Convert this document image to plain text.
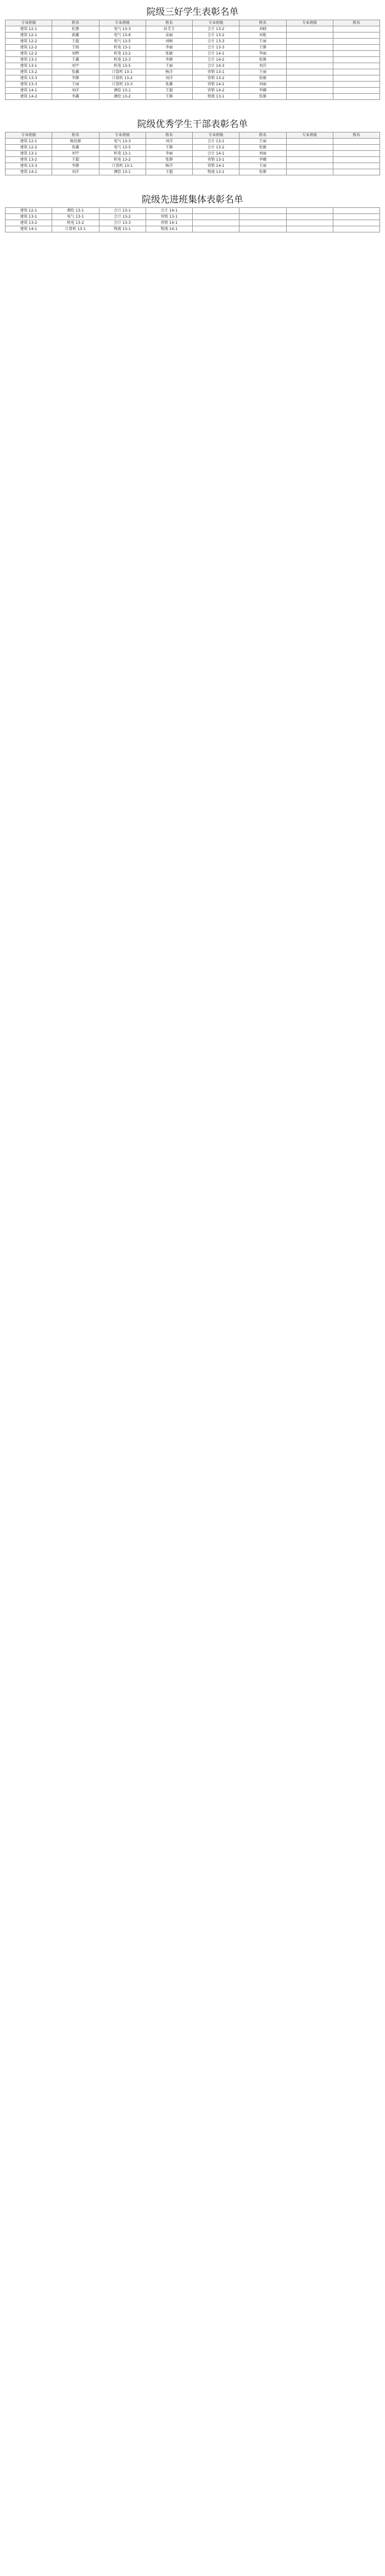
院级三好学生表彰名单
专业班级	姓名	专业班级	姓名	专业班级	姓名	专业班级	姓名
建筑 12-1	杜静	电气 13-3	孙艾玉	会计 13-2	刘晓		
建筑 12-1	郭鑫	电气 13-6	姜丽	会计 13-2	刘艳		
建筑 12-2	王超	电气 13-5	刘畅	会计 13-3	王丽		
建筑 12-2	王晓	机电 13-1	李丽	会计 13-3	王静		
建筑 12-2	刘辉	机电 13-2	张敏	会计 14-1	李丽		
建筑 13-1	王鑫	机电 13-3	李静	会计 14-2	张静		
建筑 13-1	刘宇	机电 13-5	王丽	会计 14-3	刘洋		
建筑 13-2	张鑫	计算机 13-1	杨洋	营销 13-1	王丽		
建筑 13-3	李静	计算机 13-2	刘洋	营销 13-2	张敏		
建筑 13-3	王丽	计算机 13-3	张鑫	营销 14-1	刘丽		
建筑 14-1	刘洋	测绘 13-1	王超	营销 14-2	李娜		
建筑 14-2	李鑫	测绘 13-2	王静	物流 13-1	张静		
院级优秀学生干部表彰名单
专业班级	姓名	专业班级	姓名	专业班级	姓名	专业班级	姓名
建筑 12-1	杨思源	电气 13-3	刘洋	会计 13-1	王丽		
建筑 12-2	张鑫	电气 13-5	王静	会计 13-2	张敏		
建筑 13-1	刘宇	机电 13-1	李丽	会计 14-1	刘丽		
建筑 13-2	王超	机电 13-2	张静	营销 13-1	李娜		
建筑 13-3	李静	计算机 13-1	杨洋	营销 14-1	王丽		
建筑 14-1	刘洋	测绘 13-1	王超	物流 13-1	张静		
院级先进班集体表彰名单
建筑 12-1	测绘 13-1	会计 13-1	会计 14-1				
建筑 13-1	电气 13-1	会计 13-2	营销 13-1				
建筑 13-2	机电 13-2	会计 13-3	营销 14-1				
建筑 14-1	计算机 13-1	物流 13-1	物流 14-1				
